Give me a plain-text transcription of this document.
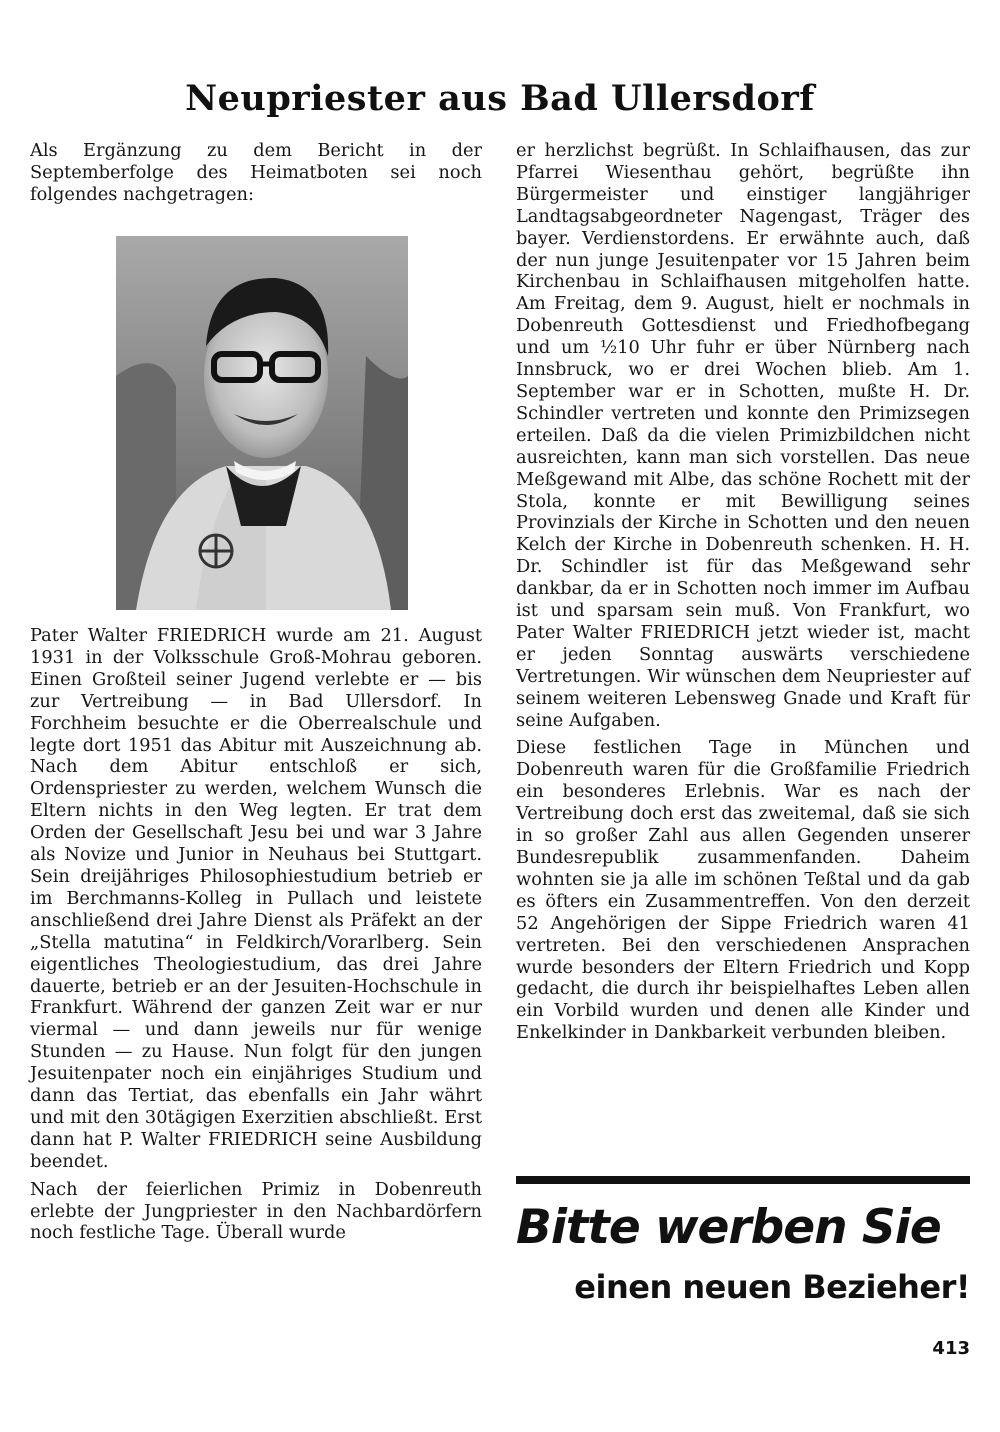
Neupriester aus Bad Ullersdorf

Als Ergänzung zu dem Bericht in der Septemberfolge des Heimatboten sei noch folgendes nachgetragen:

Pater Walter FRIEDRICH wurde am 21. August 1931 in der Volksschule Groß-Mohrau geboren. Einen Großteil seiner Jugend verlebte er — bis zur Vertreibung — in Bad Ullersdorf. In Forchheim besuchte er die Oberrealschule und legte dort 1951 das Abitur mit Auszeichnung ab. Nach dem Abitur entschloß er sich, Ordenspriester zu werden, welchem Wunsch die Eltern nichts in den Weg legten. Er trat dem Orden der Gesellschaft Jesu bei und war 3 Jahre als Novize und Junior in Neuhaus bei Stuttgart. Sein dreijähriges Philosophiestudium betrieb er im Berchmanns-Kolleg in Pullach und leistete anschließend drei Jahre Dienst als Präfekt an der „Stella matutina“ in Feldkirch/Vorarlberg. Sein eigentliches Theologiestudium, das drei Jahre dauerte, betrieb er an der Jesuiten-Hochschule in Frankfurt. Während der ganzen Zeit war er nur viermal — und dann jeweils nur für wenige Stunden — zu Hause. Nun folgt für den jungen Jesuitenpater noch ein einjähriges Studium und dann das Tertiat, das ebenfalls ein Jahr währt und mit den 30tägigen Exerzitien abschließt. Erst dann hat P. Walter FRIEDRICH seine Ausbildung beendet.

Nach der feierlichen Primiz in Dobenreuth erlebte der Jungpriester in den Nachbardörfern noch festliche Tage. Überall wurde

er herzlichst begrüßt. In Schlaifhausen, das zur Pfarrei Wiesenthau gehört, begrüßte ihn Bürgermeister und einstiger langjähriger Landtagsabgeordneter Nagengast, Träger des bayer. Verdienstordens. Er erwähnte auch, daß der nun junge Jesuitenpater vor 15 Jahren beim Kirchenbau in Schlaifhausen mitgeholfen hatte. Am Freitag, dem 9. August, hielt er nochmals in Dobenreuth Gottesdienst und Friedhofbegang und um ½10 Uhr fuhr er über Nürnberg nach Innsbruck, wo er drei Wochen blieb. Am 1. September war er in Schotten, mußte H. Dr. Schindler vertreten und konnte den Primizsegen erteilen. Daß da die vielen Primizbildchen nicht ausreichten, kann man sich vorstellen. Das neue Meßgewand mit Albe, das schöne Rochett mit der Stola, konnte er mit Bewilligung seines Provinzials der Kirche in Schotten und den neuen Kelch der Kirche in Dobenreuth schenken. H. H. Dr. Schindler ist für das Meßgewand sehr dankbar, da er in Schotten noch immer im Aufbau ist und sparsam sein muß. Von Frankfurt, wo Pater Walter FRIEDRICH jetzt wieder ist, macht er jeden Sonntag auswärts verschiedene Vertretungen. Wir wünschen dem Neupriester auf seinem weiteren Lebensweg Gnade und Kraft für seine Aufgaben.

Diese festlichen Tage in München und Dobenreuth waren für die Großfamilie Friedrich ein besonderes Erlebnis. War es nach der Vertreibung doch erst das zweitemal, daß sie sich in so großer Zahl aus allen Gegenden unserer Bundesrepublik zusammenfanden. Daheim wohnten sie ja alle im schönen Teßtal und da gab es öfters ein Zusammentreffen. Von den derzeit 52 Angehörigen der Sippe Friedrich waren 41 vertreten. Bei den verschiedenen Ansprachen wurde besonders der Eltern Friedrich und Kopp gedacht, die durch ihr beispielhaftes Leben allen ein Vorbild wurden und denen alle Kinder und Enkelkinder in Dankbarkeit verbunden bleiben.

Bitte werben Sie
einen neuen Bezieher!
413
